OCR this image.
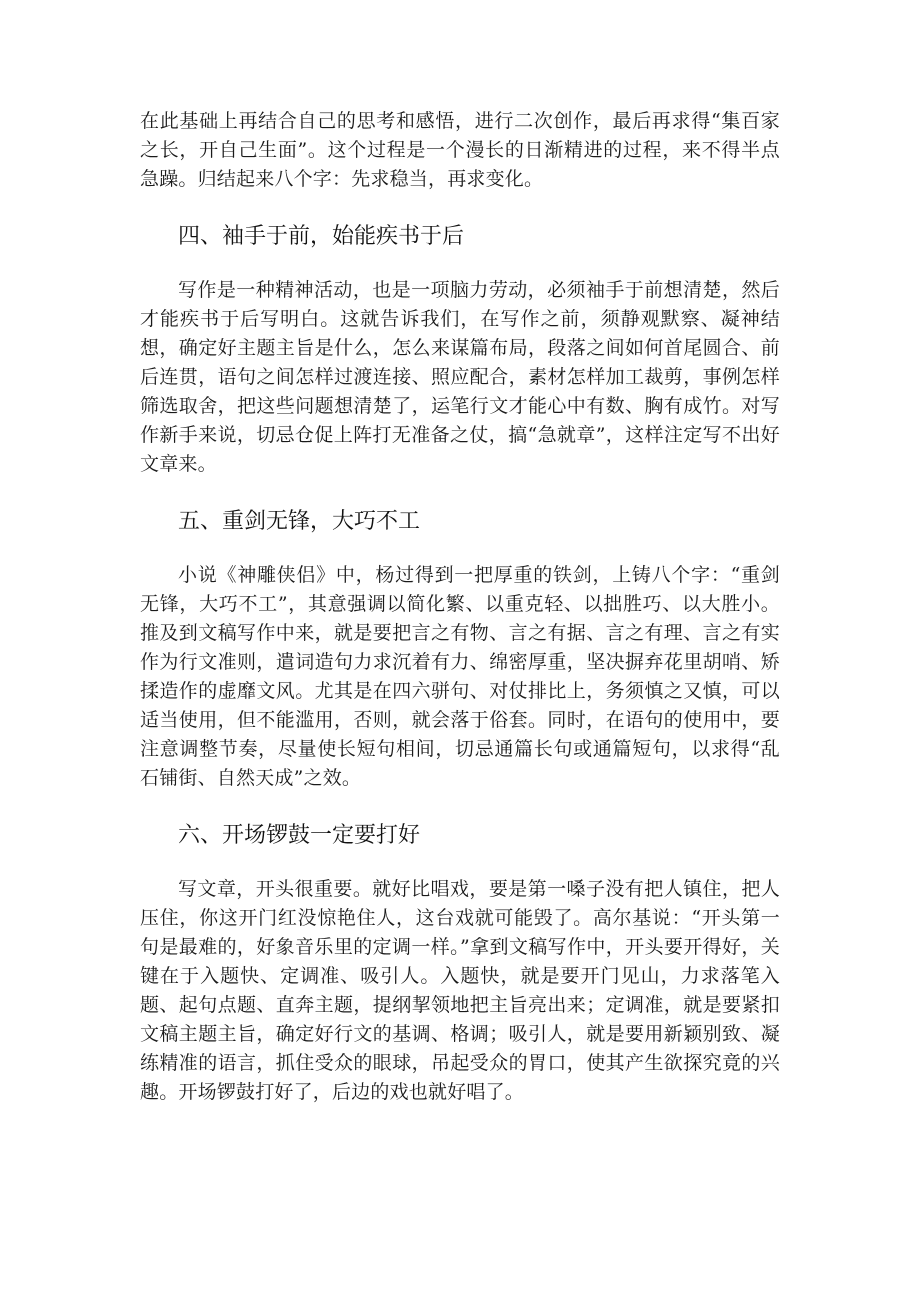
在此基础上再结合自己的思考和感悟，进行二次创作，最后再求得“集百家之长，开自己生面”。这个过程是一个漫长的日渐精进的过程，来不得半点急躁。归结起来八个字：先求稳当，再求变化。

四、袖手于前，始能疾书于后

写作是一种精神活动，也是一项脑力劳动，必须袖手于前想清楚，然后才能疾书于后写明白。这就告诉我们，在写作之前，须静观默察、凝神结想，确定好主题主旨是什么，怎么来谋篇布局，段落之间如何首尾圆合、前后连贯，语句之间怎样过渡连接、照应配合，素材怎样加工裁剪，事例怎样筛选取舍，把这些问题想清楚了，运笔行文才能心中有数、胸有成竹。对写作新手来说，切忌仓促上阵打无准备之仗，搞“急就章”，这样注定写不出好文章来。

五、重剑无锋，大巧不工

小说《神雕侠侣》中，杨过得到一把厚重的铁剑，上铸八个字：“重剑无锋，大巧不工”，其意强调以简化繁、以重克轻、以拙胜巧、以大胜小。推及到文稿写作中来，就是要把言之有物、言之有据、言之有理、言之有实作为行文准则，遣词造句力求沉着有力、绵密厚重，坚决摒弃花里胡哨、矫揉造作的虚靡文风。尤其是在四六骈句、对仗排比上，务须慎之又慎，可以适当使用，但不能滥用，否则，就会落于俗套。同时，在语句的使用中，要注意调整节奏，尽量使长短句相间，切忌通篇长句或通篇短句，以求得“乱石铺街、自然天成”之效。

六、开场锣鼓一定要打好

写文章，开头很重要。就好比唱戏，要是第一嗓子没有把人镇住，把人压住，你这开门红没惊艳住人，这台戏就可能毁了。高尔基说：“开头第一句是最难的，好象音乐里的定调一样。”拿到文稿写作中，开头要开得好，关键在于入题快、定调准、吸引人。入题快，就是要开门见山，力求落笔入题、起句点题、直奔主题，提纲挈领地把主旨亮出来；定调准，就是要紧扣文稿主题主旨，确定好行文的基调、格调；吸引人，就是要用新颖别致、凝练精准的语言，抓住受众的眼球，吊起受众的胃口，使其产生欲探究竟的兴趣。开场锣鼓打好了，后边的戏也就好唱了。
